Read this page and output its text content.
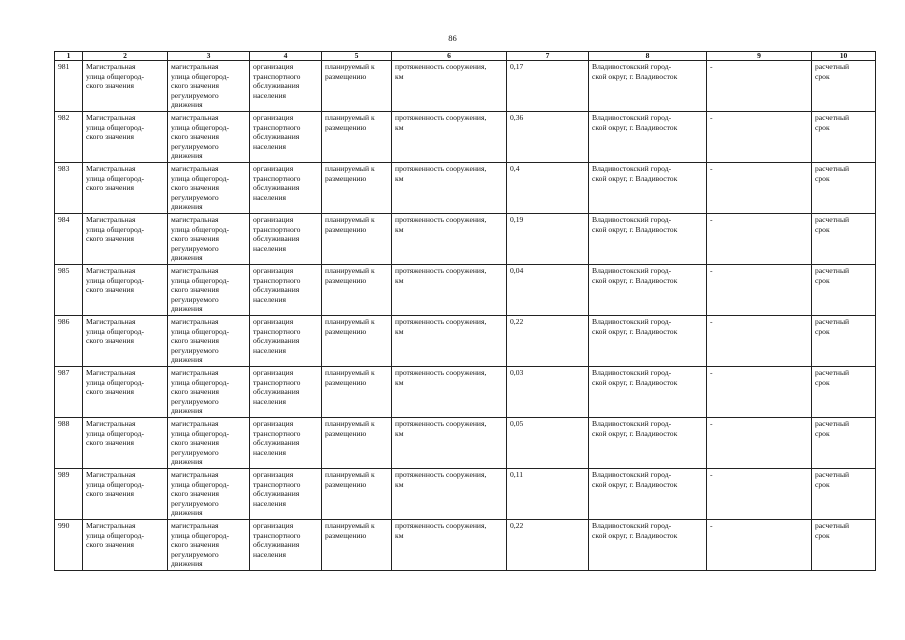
86
1	2	3	4	5	6	7	8	9	10
981	Магистральная
улица общегород-
ского значения	магистральная
улица общегород-
ского значения
регулируемого
движения	организация
транспортного
обслуживания
населения	планируемый к
размещению	протяженность сооружения,
км	0,17	Владивостокский город-
ской округ, г. Владивосток	-	расчетный
срок

982	Магистральная
улица общегород-
ского значения	магистральная
улица общегород-
ского значения
регулируемого
движения	организация
транспортного
обслуживания
населения	планируемый к
размещению	протяженность сооружения,
км	0,36	Владивостокский город-
ской округ, г. Владивосток	-	расчетный
срок

983	Магистральная
улица общегород-
ского значения	магистральная
улица общегород-
ского значения
регулируемого
движения	организация
транспортного
обслуживания
населения	планируемый к
размещению	протяженность сооружения,
км	0,4	Владивостокский город-
ской округ, г. Владивосток	-	расчетный
срок

984	Магистральная
улица общегород-
ского значения	магистральная
улица общегород-
ского значения
регулируемого
движения	организация
транспортного
обслуживания
населения	планируемый к
размещению	протяженность сооружения,
км	0,19	Владивостокский город-
ской округ, г. Владивосток	-	расчетный
срок

985	Магистральная
улица общегород-
ского значения	магистральная
улица общегород-
ского значения
регулируемого
движения	организация
транспортного
обслуживания
населения	планируемый к
размещению	протяженность сооружения,
км	0,04	Владивостокский город-
ской округ, г. Владивосток	-	расчетный
срок

986	Магистральная
улица общегород-
ского значения	магистральная
улица общегород-
ского значения
регулируемого
движения	организация
транспортного
обслуживания
населения	планируемый к
размещению	протяженность сооружения,
км	0,22	Владивостокский город-
ской округ, г. Владивосток	-	расчетный
срок

987	Магистральная
улица общегород-
ского значения	магистральная
улица общегород-
ского значения
регулируемого
движения	организация
транспортного
обслуживания
населения	планируемый к
размещению	протяженность сооружения,
км	0,03	Владивостокский город-
ской округ, г. Владивосток	-	расчетный
срок

988	Магистральная
улица общегород-
ского значения	магистральная
улица общегород-
ского значения
регулируемого
движения	организация
транспортного
обслуживания
населения	планируемый к
размещению	протяженность сооружения,
км	0,05	Владивостокский город-
ской округ, г. Владивосток	-	расчетный
срок

989	Магистральная
улица общегород-
ского значения	магистральная
улица общегород-
ского значения
регулируемого
движения	организация
транспортного
обслуживания
населения	планируемый к
размещению	протяженность сооружения,
км	0,11	Владивостокский город-
ской округ, г. Владивосток	-	расчетный
срок

990	Магистральная
улица общегород-
ского значения	магистральная
улица общегород-
ского значения
регулируемого
движения	организация
транспортного
обслуживания
населения	планируемый к
размещению	протяженность сооружения,
км	0,22	Владивостокский город-
ской округ, г. Владивосток	-	расчетный
срок
